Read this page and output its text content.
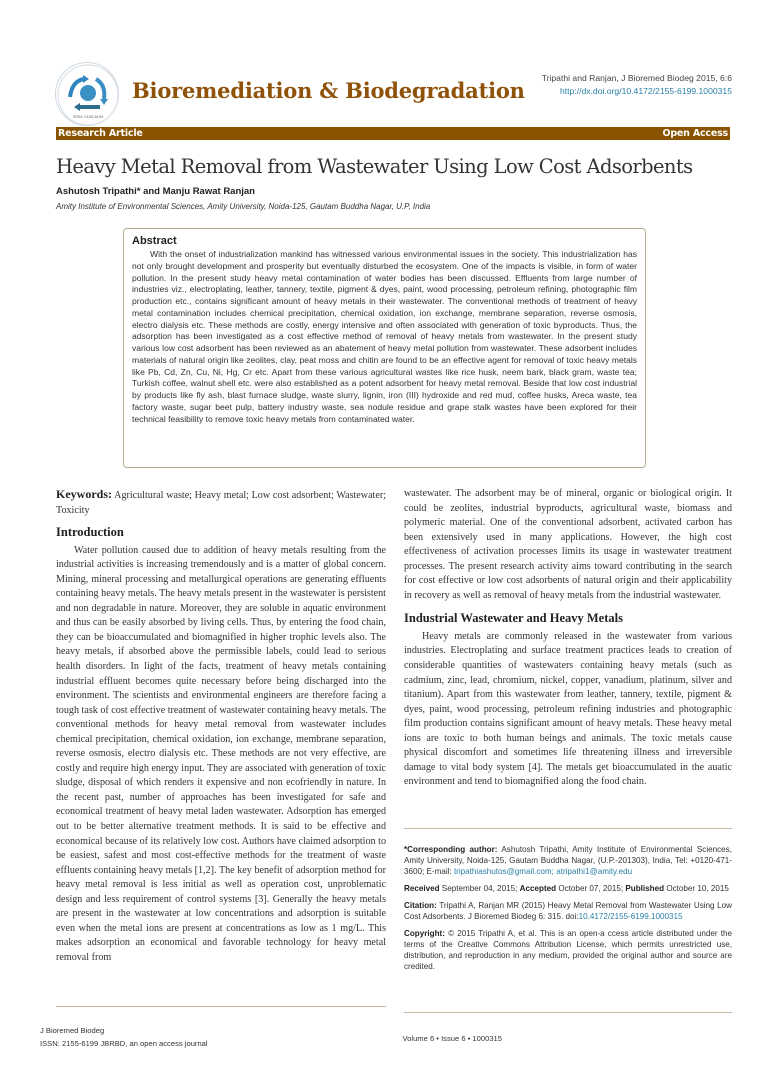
ISSN: 2155-6199
Bioremediation & Biodegradation Tripathi and Ranjan, J Bioremed Biodeg 2015, 6:6
http://dx.doi.org/10.4172/2155-6199.1000315
Research Article	Open Access
Heavy Metal Removal from Wastewater Using Low Cost Adsorbents
Ashutosh Tripathi* and Manju Rawat Ranjan
Amity Institute of Environmental Sciences, Amity University, Noida-125, Gautam Buddha Nagar, U.P, India
Abstract

With the onset of industrialization mankind has witnessed various environmental issues in the society. This industrialization has not only brought development and prosperity but eventually disturbed the ecosystem. One of the impacts is visible, in form of water pollution. In the present study heavy metal contamination of water bodies has been discussed. Effluents from large number of industries viz., electroplating, leather, tannery, textile, pigment & dyes, paint, wood processing, petroleum refining, photographic film production etc., contains significant amount of heavy metals in their wastewater. The conventional methods of treatment of heavy metal contamination includes chemical precipitation, chemical oxidation, ion exchange, membrane separation, reverse osmosis, electro dialysis etc. These methods are costly, energy intensive and often associated with generation of toxic byproducts. Thus, the adsorption has been investigated as a cost effective method of removal of heavy metals from wastewater. In the present study various low cost adsorbent has been reviewed as an abatement of heavy metal pollution from wastewater. These adsorbent includes materials of natural origin like zeolites, clay, peat moss and chitin are found to be an effective agent for removal of toxic heavy metals like Pb, Cd, Zn, Cu, Ni, Hg, Cr etc. Apart from these various agricultural wastes like rice husk, neem bark, black gram, waste tea; Turkish coffee, walnut shell etc. were also established as a potent adsorbent for heavy metal removal. Beside that low cost industrial by products like fly ash, blast furnace sludge, waste slurry, lignin, iron (III) hydroxide and red mud, coffee husks, Areca waste, tea factory waste, sugar beet pulp, battery industry waste, sea nodule residue and grape stalk wastes have been explored for their technical feasibility to remove toxic heavy metals from contaminated water.

Keywords: Agricultural waste; Heavy metal; Low cost adsorbent; Wastewater; Toxicity
Introduction

Water pollution caused due to addition of heavy metals resulting from the industrial activities is increasing tremendously and is a matter of global concern. Mining, mineral processing and metallurgical operations are generating effluents containing heavy metals. The heavy metals present in the wastewater is persistent and non degradable in nature. Moreover, they are soluble in aquatic environment and thus can be easily absorbed by living cells. Thus, by entering the food chain, they can be bioaccumulated and biomagnified in higher trophic levels also. The heavy metals, if absorbed above the permissible labels, could lead to serious health disorders. In light of the facts, treatment of heavy metals containing industrial effluent becomes quite necessary before being discharged into the environment. The scientists and environmental engineers are therefore facing a tough task of cost effective treatment of wastewater containing heavy metals. The conventional methods for heavy metal removal from wastewater includes chemical precipitation, chemical oxidation, ion exchange, membrane separation, reverse osmosis, electro dialysis etc. These methods are not very effective, are costly and require high energy input. They are associated with generation of toxic sludge, disposal of which renders it expensive and non ecofriendly in nature. In the recent past, number of approaches has been investigated for safe and economical treatment of heavy metal laden wastewater. Adsorption has emerged out to be better alternative treatment methods. It is said to be effective and economical because of its relatively low cost. Authors have claimed adsorption to be easiest, safest and most cost-effective methods for the treatment of waste effluents containing heavy metals [1,2]. The key benefit of adsorption method for heavy metal removal is less initial as well as operation cost, unproblematic design and less requirement of control systems [3]. Generally the heavy metals are present in the wastewater at low concentrations and adsorption is suitable even when the metal ions are present at concentrations as low as 1 mg/L. This makes adsorption an economical and favorable technology for heavy metal removal from

wastewater. The adsorbent may be of mineral, organic or biological origin. It could be zeolites, industrial byproducts, agricultural waste, biomass and polymeric material. One of the conventional adsorbent, activated carbon has been extensively used in many applications. However, the high cost effectiveness of activation processes limits its usage in wastewater treatment processes. The present research activity aims toward contributing in the search for cost effective or low cost adsorbents of natural origin and their applicability in recovery as well as removal of heavy metals from the industrial wastewater.

Industrial Wastewater and Heavy Metals

Heavy metals are commonly released in the wastewater from various industries. Electroplating and surface treatment practices leads to creation of considerable quantities of wastewaters containing heavy metals (such as cadmium, zinc, lead, chromium, nickel, copper, vanadium, platinum, silver and titanium). Apart from this wastewater from leather, tannery, textile, pigment & dyes, paint, wood processing, petroleum refining industries and photographic film production contains significant amount of heavy metals. These heavy metal ions are toxic to both human beings and animals. The toxic metals cause physical discomfort and sometimes life threatening illness and irreversible damage to vital body system [4]. The metals get bioaccumulated in the auatic environment and tend to biomagnified along the food chain.

*Corresponding author: Ashutosh Tripathi, Amity Institute of Environmental Sciences, Amity University, Noida-125, Gautam Buddha Nagar, (U.P.-201303), India, Tel: +0120-471-3600; E-mail: tripathiashutos@gmail.com; atripathi1@amity.edu

Received September 04, 2015; Accepted October 07, 2015; Published October 10, 2015

Citation: Tripathi A, Ranjan MR (2015) Heavy Metal Removal from Wastewater Using Low Cost Adsorbents. J Bioremed Biodeg 6: 315. doi:10.4172/2155-6199.1000315

Copyright: © 2015 Tripathi A, et al. This is an open-a ccess article distributed under the terms of the Creative Commons Attribution License, which permits unrestricted use, distribution, and reproduction in any medium, provided the original author and source are credited.

J Bioremed Biodeg
ISSN: 2155-6199 JBRBD, an open access journal
Volume 6 • Issue 6 • 1000315
